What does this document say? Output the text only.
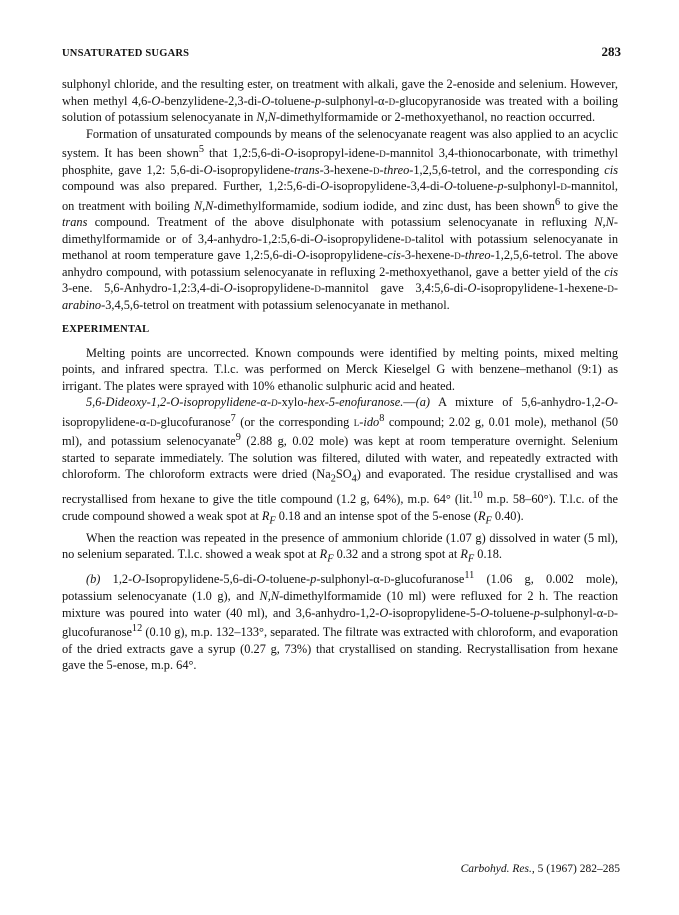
UNSATURATED SUGARS	283

sulphonyl chloride, and the resulting ester, on treatment with alkali, gave the 2-enoside and selenium. However, when methyl 4,6-O-benzylidene-2,3-di-O-toluene-p-sulphonyl-α-d-glucopyranoside was treated with a boiling solution of potassium selenocyanate in N,N-dimethylformamide or 2-methoxyethanol, no reaction occurred.

Formation of unsaturated compounds by means of the selenocyanate reagent was also applied to an acyclic system. It has been shown$^5$ that 1,2:5,6-di-O-isopropyl-idene-d-mannitol 3,4-thionocarbonate, with trimethyl phosphite, gave 1,2: 5,6-di-O-isopropylidene-trans-3-hexene-d-threo-1,2,5,6-tetrol, and the corresponding cis compound was also prepared. Further, 1,2:5,6-di-O-isopropylidene-3,4-di-O-toluene-p-sulphonyl-d-mannitol, on treatment with boiling N,N-dimethylformamide, sodium iodide, and zinc dust, has been shown$^6$ to give the trans compound. Treatment of the above disulphonate with potassium selenocyanate in refluxing N,N-dimethylformamide or of 3,4-anhydro-1,2:5,6-di-O-isopropylidene-d-talitol with potassium selenocyanate in methanol at room temperature gave 1,2:5,6-di-O-isopropylidene-cis-3-hexene-d-threo-1,2,5,6-tetrol. The above anhydro compound, with potassium selenocyanate in refluxing 2-methoxyethanol, gave a better yield of the cis 3-ene. 5,6-Anhydro-1,2:3,4-di-O-isopropylidene-d-mannitol gave 3,4:5,6-di-O-isopropylidene-1-hexene-d-arabino-3,4,5,6-tetrol on treatment with potassium selenocyanate in methanol.

EXPERIMENTAL

Melting points are uncorrected. Known compounds were identified by melting points, mixed melting points, and infrared spectra. T.l.c. was performed on Merck Kieselgel G with benzene–methanol (9:1) as irrigant. The plates were sprayed with 10% ethanolic sulphuric acid and heated.

5,6-Dideoxy-1,2-O-isopropylidene-α-d-xylo-hex-5-enofuranose.—(a) A mixture of 5,6-anhydro-1,2-O-isopropylidene-α-d-glucofuranose$^7$ (or the corresponding l-ido$^8$ compound; 2.02 g, 0.01 mole), methanol (50 ml), and potassium selenocyanate$^9$ (2.88 g, 0.02 mole) was kept at room temperature overnight. Selenium started to separate immediately. The solution was filtered, diluted with water, and repeatedly extracted with chloroform. The chloroform extracts were dried $(Na_2SO_4)$ and evaporated. The residue crystallised and was recrystallised from hexane to give the title compound (1.2 g, 64%), m.p. 64° (lit.$^{10}$ m.p. 58–60°). T.l.c. of the crude compound showed a weak spot at $R_F$ 0.18 and an intense spot of the 5-enose ($R_F$ 0.40).

When the reaction was repeated in the presence of ammonium chloride (1.07 g) dissolved in water (5 ml), no selenium separated. T.l.c. showed a weak spot at $R_F$ 0.32 and a strong spot at $R_F$ 0.18.

(b) 1,2-O-Isopropylidene-5,6-di-O-toluene-p-sulphonyl-α-d-glucofuranose$^{11}$ (1.06 g, 0.002 mole), potassium selenocyanate (1.0 g), and N,N-dimethylformamide (10 ml) were refluxed for 2 h. The reaction mixture was poured into water (40 ml), and 3,6-anhydro-1,2-O-isopropylidene-5-O-toluene-p-sulphonyl-α-d-glucofuranose$^{12}$ (0.10 g), m.p. 132–133°, separated. The filtrate was extracted with chloroform, and evaporation of the dried extracts gave a syrup (0.27 g, 73%) that crystallised on standing. Recrystallisation from hexane gave the 5-enose, m.p. 64°.

Carbohyd. Res., 5 (1967) 282–285
